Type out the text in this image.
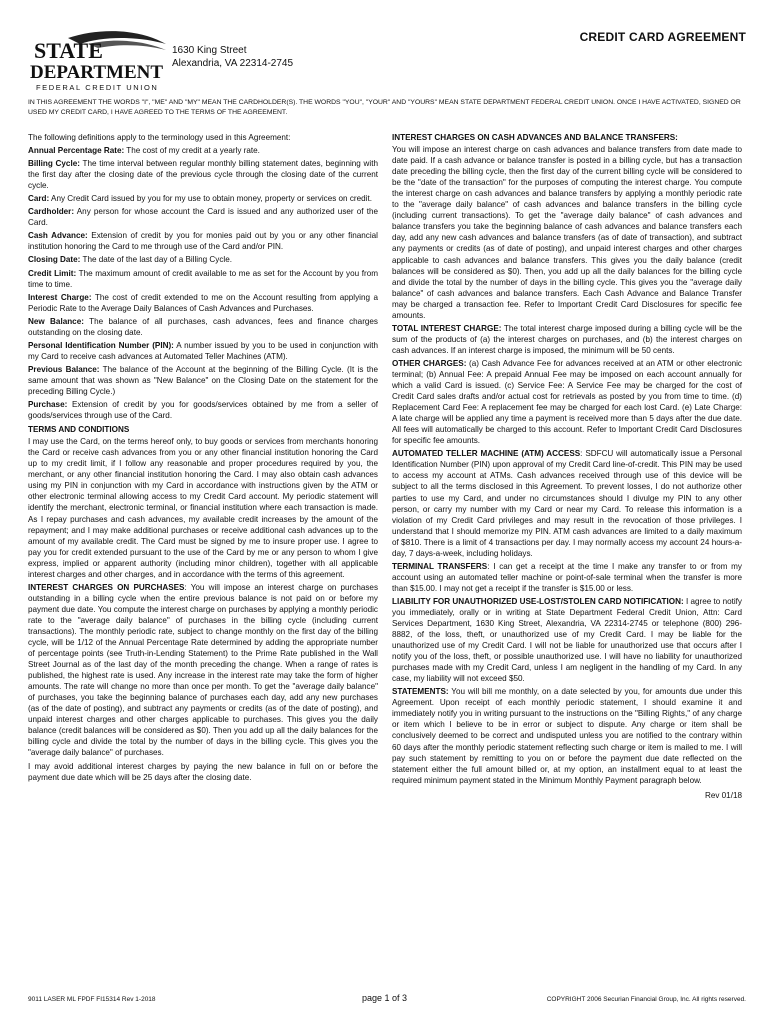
STATE
DEPARTMENT
FEDERAL CREDIT UNION
1630 King Street
Alexandria, VA 22314-2745
CREDIT CARD AGREEMENT
IN THIS AGREEMENT THE WORDS "I", "ME" AND "MY" MEAN THE CARDHOLDER(S). THE WORDS "YOU", "YOUR" AND "YOURS" MEAN STATE DEPARTMENT FEDERAL CREDIT UNION. ONCE I HAVE ACTIVATED, SIGNED OR USED MY CREDIT CARD, I HAVE AGREED TO THE TERMS OF THE AGREEMENT.

The following definitions apply to the terminology used in this Agreement:

Annual Percentage Rate: The cost of my credit at a yearly rate.

Billing Cycle: The time interval between regular monthly billing statement dates, beginning with the first day after the closing date of the previous cycle through the closing date of the current cycle.

Card: Any Credit Card issued by you for my use to obtain money, property or services on credit.

Cardholder: Any person for whose account the Card is issued and any authorized user of the Card.

Cash Advance: Extension of credit by you for monies paid out by you or any other financial institution honoring the Card to me through use of the Card and/or PIN.

Closing Date: The date of the last day of a Billing Cycle.

Credit Limit: The maximum amount of credit available to me as set for the Account by you from time to time.

Interest Charge: The cost of credit extended to me on the Account resulting from applying a Periodic Rate to the Average Daily Balances of Cash Advances and Purchases.

New Balance: The balance of all purchases, cash advances, fees and finance charges outstanding on the closing date.

Personal Identification Number (PIN): A number issued by you to be used in conjunction with my Card to receive cash advances at Automated Teller Machines (ATM).

Previous Balance: The balance of the Account at the beginning of the Billing Cycle. (It is the same amount that was shown as "New Balance" on the Closing Date on the statement for the preceding Billing Cycle.)

Purchase: Extension of credit by you for goods/services obtained by me from a seller of goods/services through use of the Card.

TERMS AND CONDITIONS

I may use the Card, on the terms hereof only, to buy goods or services from merchants honoring the Card or receive cash advances from you or any other financial institution honoring the Card up to my credit limit, if I follow any reasonable and proper procedures required by you, the merchant, or any other financial institution honoring the Card. I may also obtain cash advances using my PIN in conjunction with my Card in accordance with instructions given by the ATM or other electronic terminal allowing access to my Credit Card account. My periodic statement will identify the merchant, electronic terminal, or financial institution where each transaction is made. As I repay purchases and cash advances, my available credit increases by the amount of the repayment; and I may make additional purchases or receive additional cash advances up to the amount of my available credit. The Card must be signed by me to insure proper use. I agree to pay you for credit extended pursuant to the use of the Card by me or any person to whom I give express, implied or apparent authority (including minor children), together with all applicable interest charges and other charges, and in accordance with the terms of this agreement.

INTEREST CHARGES ON PURCHASES: You will impose an interest charge on purchases outstanding in a billing cycle when the entire previous balance is not paid on or before my payment due date. You compute the interest charge on purchases by applying a monthly periodic rate to the "average daily balance" of purchases in the billing cycle (including current transactions). The monthly periodic rate, subject to change monthly on the first day of the billing cycle, will be 1/12 of the Annual Percentage Rate determined by adding the appropriate number of percentage points (see Truth-in-Lending Statement) to the Prime Rate published in the Wall Street Journal as of the last day of the month preceding the change. When a range of rates is published, the highest rate is used. Any increase in the interest rate may take the form of higher amounts. The rate will change no more than once per month. To get the "average daily balance" of purchases, you take the beginning balance of purchases each day, add any new purchases (as of the date of posting), and subtract any payments or credits (as of the date of posting), and unpaid interest charges and other charges applicable to purchases. This gives you the daily balance (credit balances will be considered as $0). Then you add up all the daily balances for the billing cycle and divide the total by the number of days in the billing cycle. This gives you the "average daily balance" of purchases.

I may avoid additional interest charges by paying the new balance in full on or before the payment due date which will be 25 days after the closing date.

INTEREST CHARGES ON CASH ADVANCES AND BALANCE TRANSFERS:

You will impose an interest charge on cash advances and balance transfers from date made to date paid. If a cash advance or balance transfer is posted in a billing cycle, but has a transaction date preceding the billing cycle, then the first day of the current billing cycle will be considered to be the "date of the transaction" for the purposes of computing the interest charge. You compute the interest charge on cash advances and balance transfers by applying a monthly periodic rate to the "average daily balance" of cash advances and balance transfers in the billing cycle (including current transactions). To get the "average daily balance" of cash advances and balance transfers you take the beginning balance of cash advances and balance transfers each day, add any new cash advances and balance transfers (as of date of transaction), and subtract any payments or credits (as of date of posting), and unpaid interest charges and other charges applicable to cash advances and balance transfers. This gives you the daily balance (credit balances will be considered as $0). Then, you add up all the daily balances for the billing cycle and divide the total by the number of days in the billing cycle. This gives you the "average daily balance" of cash advances and balance transfers. Each Cash Advance and Balance Transfer may be charged a transaction fee. Refer to Important Credit Card Disclosures for specific fee amounts.

TOTAL INTEREST CHARGE: The total interest charge imposed during a billing cycle will be the sum of the products of (a) the interest charges on purchases, and (b) the interest charges on cash advances. If an interest charge is imposed, the minimum will be 50 cents.

OTHER CHARGES: (a) Cash Advance Fee for advances received at an ATM or other electronic terminal; (b) Annual Fee: A prepaid Annual Fee may be imposed on each account annually for which a valid Card is issued. (c) Service Fee: A Service Fee may be charged for the cost of Credit Card sales drafts and/or actual cost for retrievals as posted by you from time to time. (d) Replacement Card Fee: A replacement fee may be charged for each lost Card. (e) Late Charge: A late charge will be applied any time a payment is received more than 5 days after the due date. All fees will automatically be charged to this account. Refer to Important Credit Card Disclosures for specific fee amounts.

AUTOMATED TELLER MACHINE (ATM) ACCESS: SDFCU will automatically issue a Personal Identification Number (PIN) upon approval of my Credit Card line-of-credit. This PIN may be used to access my account at ATMs. Cash advances received through use of this device will be subject to all the terms disclosed in this Agreement. To prevent losses, I do not authorize other parties to use my Card, and under no circumstances should I divulge my PIN to any other person, or carry my number with my Card or near my Card. To release this information is a violation of my Credit Card privileges and may result in the revocation of those privileges. I understand that I should memorize my PIN. ATM cash advances are limited to a daily maximum of $810. There is a limit of 4 transactions per day. I may normally access my account 24 hours-a-day, 7 days-a-week, including holidays.

TERMINAL TRANSFERS: I can get a receipt at the time I make any transfer to or from my account using an automated teller machine or point-of-sale terminal when the transfer is more than $15.00. I may not get a receipt if the transfer is $15.00 or less.

LIABILITY FOR UNAUTHORIZED USE-LOST/STOLEN CARD NOTIFICATION: I agree to notify you immediately, orally or in writing at State Department Federal Credit Union, Attn: Card Services Department, 1630 King Street, Alexandria, VA 22314-2745 or telephone (800) 296-8882, of the loss, theft, or unauthorized use of my Credit Card. I may be liable for the unauthorized use of my Credit Card. I will not be liable for unauthorized use that occurs after I notify you of the loss, theft, or possible unauthorized use. I will have no liability for unauthorized purchases made with my Credit Card, unless I am negligent in the handling of my Card. In any case, my liability will not exceed $50.

STATEMENTS: You will bill me monthly, on a date selected by you, for amounts due under this Agreement. Upon receipt of each monthly periodic statement, I should examine it and immediately notify you in writing pursuant to the instructions on the "Billing Rights," of any charge or item which I believe to be in error or subject to dispute. Any charge or item shall be conclusively deemed to be correct and undisputed unless you are notified to the contrary within 60 days after the monthly periodic statement reflecting such charge or item is mailed to me. I will pay such statement by remitting to you on or before the payment due date reflected on the statement either the full amount billed or, at my option, an installment equal to at least the required minimum payment stated in the Minimum Monthly Payment paragraph below.

Rev 01/18
9011 LASER ML FPDF FI15314 Rev 1-2018	page 1 of 3	COPYRIGHT 2006 Securian Financial Group, Inc. All rights reserved.
